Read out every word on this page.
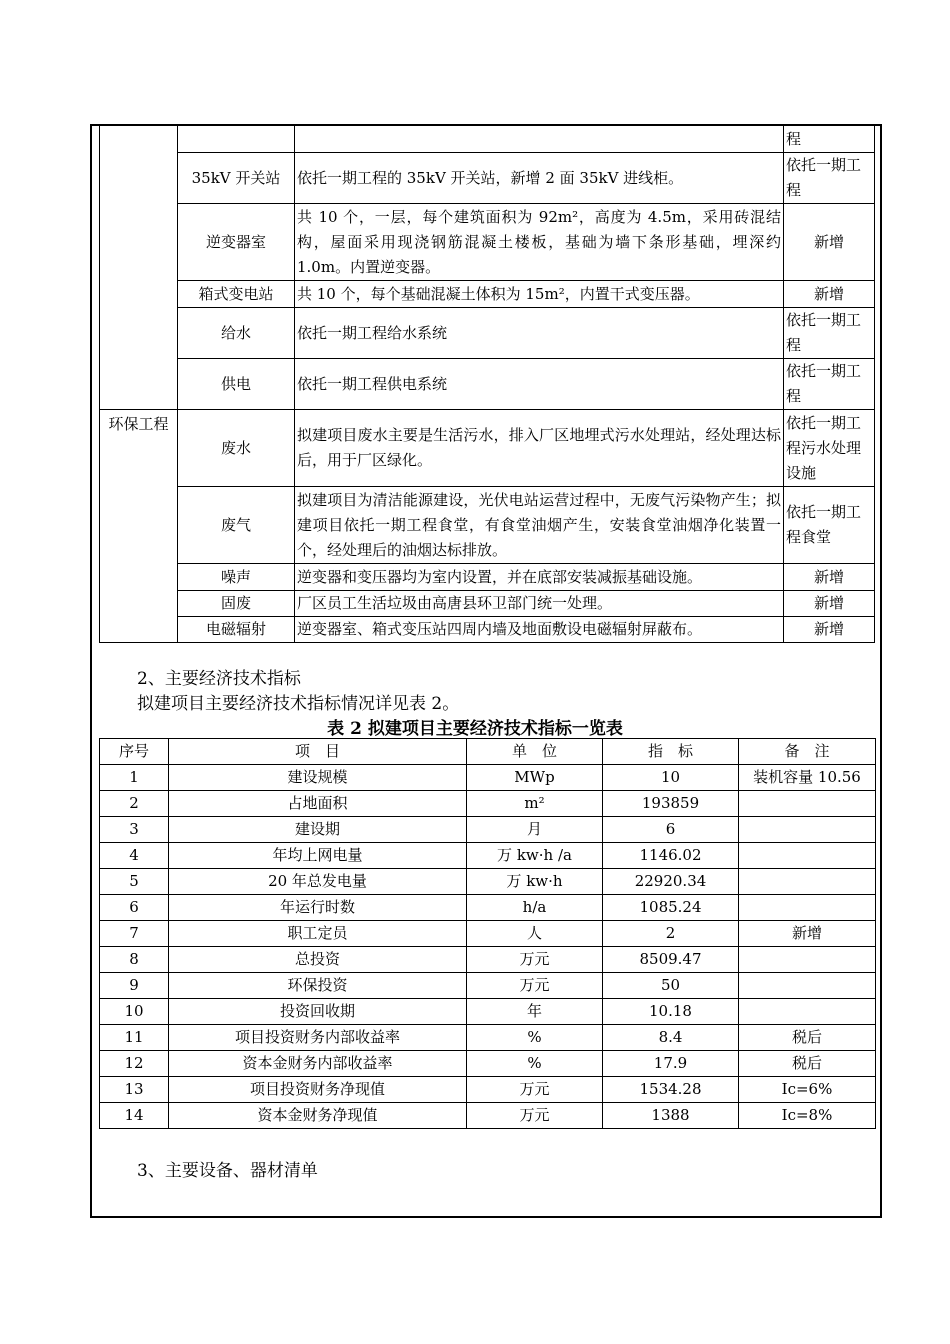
			程
	35kV 开关站	依托一期工程的 35kV 开关站，新增 2 面 35kV 进线柜。	依托一期工程
	逆变器室	共 10 个，一层，每个建筑面积为 92m²，高度为 4.5m，采用砖混结构，屋面采用现浇钢筋混凝土楼板，基础为墙下条形基础，埋深约 1.0m。内置逆变器。	新增
	箱式变电站	共 10 个，每个基础混凝土体积为 15m²，内置干式变压器。	新增
	给水	依托一期工程给水系统	依托一期工程
	供电	依托一期工程供电系统	依托一期工程
环保工程	废水	拟建项目废水主要是生活污水，排入厂区地埋式污水处理站，经处理达标后，用于厂区绿化。	依托一期工程污水处理设施
	废气	拟建项目为清洁能源建设，光伏电站运营过程中，无废气污染物产生；拟建项目依托一期工程食堂，有食堂油烟产生，安装食堂油烟净化装置一个，经处理后的油烟达标排放。	依托一期工程食堂
	噪声	逆变器和变压器均为室内设置，并在底部安装减振基础设施。	新增
	固废	厂区员工生活垃圾由高唐县环卫部门统一处理。	新增
	电磁辐射	逆变器室、箱式变压站四周内墙及地面敷设电磁辐射屏蔽布。	新增
2、主要经济技术指标
拟建项目主要经济技术指标情况详见表 2。
表 2 拟建项目主要经济技术指标一览表
序号	项　目	单　位	指　标	备　注
1	建设规模	MWp	10	装机容量 10.56
2	占地面积	m²	193859	
3	建设期	月	6	
4	年均上网电量	万 kw·h /a	1146.02	
5	20 年总发电量	万 kw·h	22920.34	
6	年运行时数	h/a	1085.24	
7	职工定员	人	2	新增
8	总投资	万元	8509.47	
9	环保投资	万元	50	
10	投资回收期	年	10.18	
11	项目投资财务内部收益率	%	8.4	税后
12	资本金财务内部收益率	%	17.9	税后
13	项目投资财务净现值	万元	1534.28	Ic=6%
14	资本金财务净现值	万元	1388	Ic=8%
3、主要设备、器材清单
